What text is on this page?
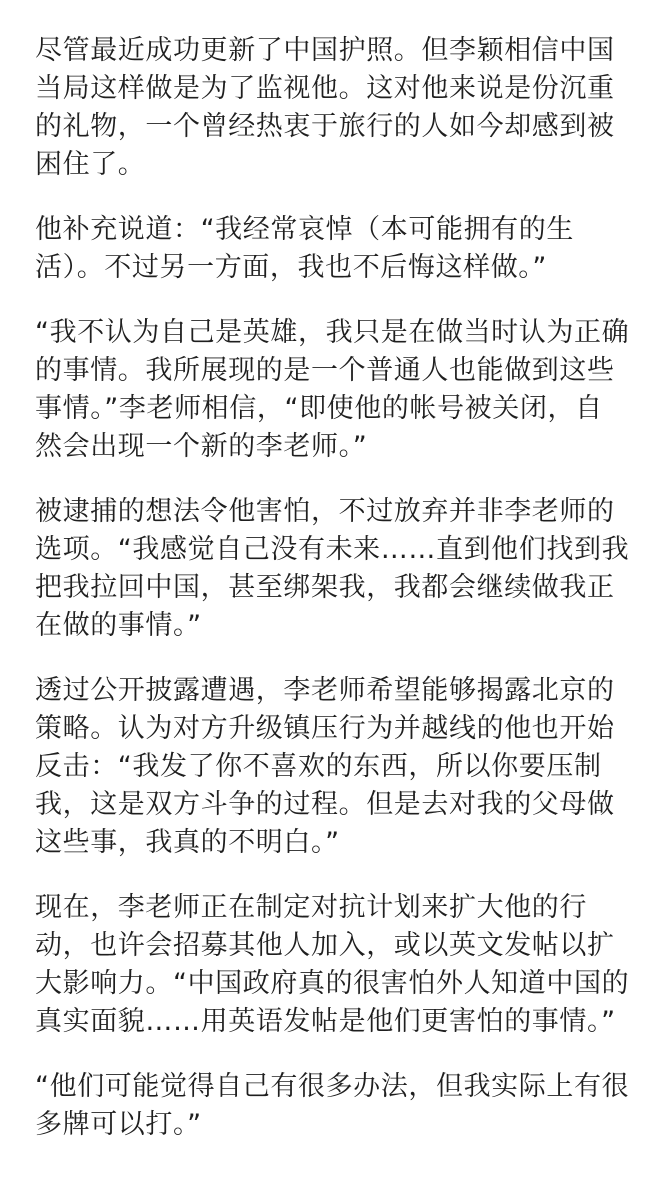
尽管最近成功更新了中国护照。但李颖相信中国
当局这样做是为了监视他。这对他来说是份沉重
的礼物，一个曾经热衷于旅行的人如今却感到被
困住了。
他补充说道：“我经常哀悼（本可能拥有的生
活）。不过另一方面，我也不后悔这样做。”
“我不认为自己是英雄，我只是在做当时认为正确
的事情。我所展现的是一个普通人也能做到这些
事情。”李老师相信，“即使他的帐号被关闭，自
然会出现一个新的李老师。”
被逮捕的想法令他害怕，不过放弃并非李老师的
选项。“我感觉自己没有未来……直到他们找到我
把我拉回中国，甚至绑架我，我都会继续做我正
在做的事情。”
透过公开披露遭遇，李老师希望能够揭露北京的
策略。认为对方升级镇压行为并越线的他也开始
反击：“我发了你不喜欢的东西，所以你要压制
我，这是双方斗争的过程。但是去对我的父母做
这些事，我真的不明白。”
现在，李老师正在制定对抗计划来扩大他的行
动，也许会招募其他人加入，或以英文发帖以扩
大影响力。“中国政府真的很害怕外人知道中国的
真实面貌……用英语发帖是他们更害怕的事情。”
“他们可能觉得自己有很多办法，但我实际上有很
多牌可以打。”
